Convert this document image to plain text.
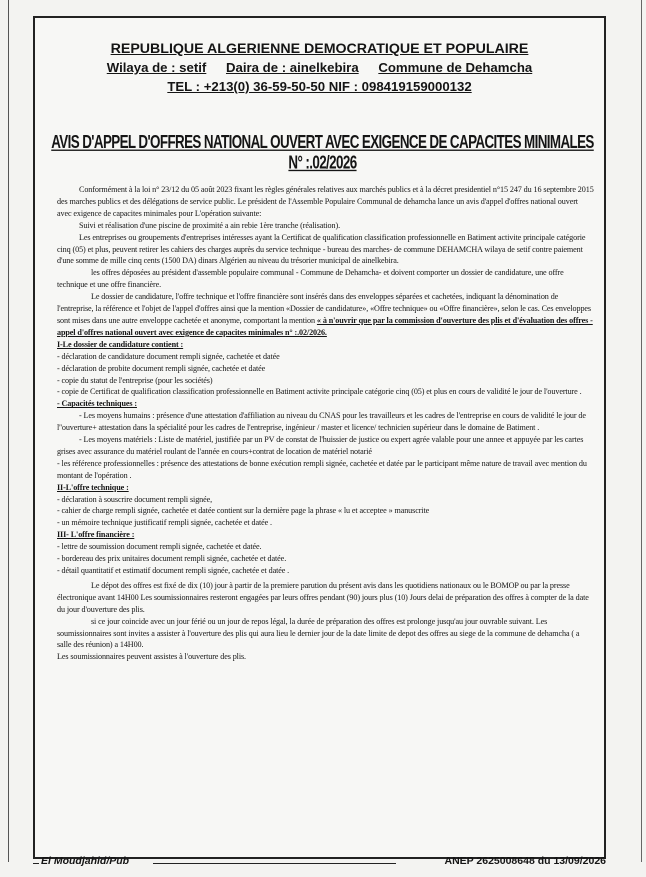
REPUBLIQUE ALGERIENNE DEMOCRATIQUE ET POPULAIRE
Wilaya de : setif Daira de : ainelkebira Commune de Dehamcha
TEL : +213(0) 36-59-50-50 NIF : 098419159000132
AVIS D'APPEL D'OFFRES NATIONAL OUVERT AVEC EXIGENCE DE CAPACITES MINIMALES N° :.02/2026

Conformément à la loi n° 23/12 du 05 août 2023 fixant les règles générales relatives aux marchés publics et à la décret presidentiel n°15 247 du 16 septembre 2015 des marches publics et des délégations de service public. Le président de l'Assemble Populaire Communal de dehamcha lance un avis d'appel d'offres national ouvert avec exigence de capacites minimales pour L'opération suivante:

Suivi et réalisation d'une piscine de proximité a ain rebie 1ère tranche (réalisation).

Les entreprises ou groupements d'entreprises intéresses ayant la Certificat de qualification classification professionnelle en Batiment activite principale catégorie cinq (05) et plus, peuvent retirer les cahiers des charges auprès du service technique - bureau des marches- de commune DEHAMCHA wilaya de setif contre paiement d'une somme de mille cinq cents (1500 DA) dinars Algérien au niveau du trésorier municipal de ainelkebira.

les offres déposées au président d'assemble populaire communal - Commune de Dehamcha- et doivent comporter un dossier de candidature, une offre technique et une offre financière.

Le dossier de candidature, l'offre technique et l'offre financière sont insérés dans des enveloppes séparées et cachetées, indiquant la dénomination de l'entreprise, la référence et l'objet de l'appel d'offres ainsi que la mention «Dossier de candidature», «Offre technique» ou «Offre financière», selon le cas. Ces enveloppes sont mises dans une autre enveloppe cachetée et anonyme, comportant la mention « à n'ouvrir que par la commission d'ouverture des plis et d'évaluation des offres - appel d'offres national ouvert avec exigence de capacites minimales n° :.02/2026.

I-Le dossier de candidature contient :

- déclaration de candidature document rempli signée, cachetée et datée

- déclaration de probite document rempli signée, cachetée et datée

- copie du statut de l'entreprise (pour les sociétés)

- copie de Certificat de qualification classification professionnelle en Batiment activite principale catégorie cinq (05) et plus en cours de validité le jour de l'ouverture .

- Capacités techniques :

- Les moyens humains : présence d'une attestation d'affiliation au niveau du CNAS pour les travailleurs et les cadres de l'entreprise en cours de validité le jour de l''ouverture+ attestation dans la spécialité pour les cadres de l'entreprise, ingénieur / master et licence/ technicien supérieur dans le domaine de Batiment .

- Les moyens matériels : Liste de matériel, justifiée par un PV de constat de l'huissier de justice ou expert agrée valable pour une annee et appuyée par les cartes grises avec assurance du matériel roulant de l'année en cours+contrat de location de matériel notarié

- les référence professionnelles : présence des attestations de bonne exécution rempli signée, cachetée et datée par le participant même nature de travail avec mention du montant de l'opération .

II-L'offre technique :

- déclaration à souscrire document rempli signée,

- cahier de charge rempli signée, cachetée et datée contient sur la dernière page la phrase « lu et acceptee » manuscrite

- un mémoire technique justificatif rempli signée, cachetée et datée .

III- L'offre financière :

- lettre de soumission document rempli signée, cachetée et datée.

- bordereau des prix unitaires document rempli signée, cachetée et datée.

- détail quantitatif et estimatif document rempli signée, cachetée et datée .

Le dépot des offres est fixé de dix (10) jour à partir de la premiere parution du présent avis dans les quotidiens nationaux ou le BOMOP ou par la presse électronique avant 14H00 Les soumissionnaires resteront engagées par leurs offres pendant (90) jours plus (10) Jours delai de préparation des offres à compter de la date du jour d'ouverture des plis.

si ce jour coincide avec un jour férié ou un jour de repos légal, la durée de préparation des offres est prolonge jusqu'au jour ouvrable suivant. Les soumissionnaires sont invites a assister à l'ouverture des plis qui aura lieu le dernier jour de la date limite de depot des offres au siege de la commune de dehamcha ( a salle des réunion) a 14H00.

Les soumissionnaires peuvent assistes à l'ouverture des plis.

El Moudjahid/Pub	ANEP 2625008648 du 13/09/2026
